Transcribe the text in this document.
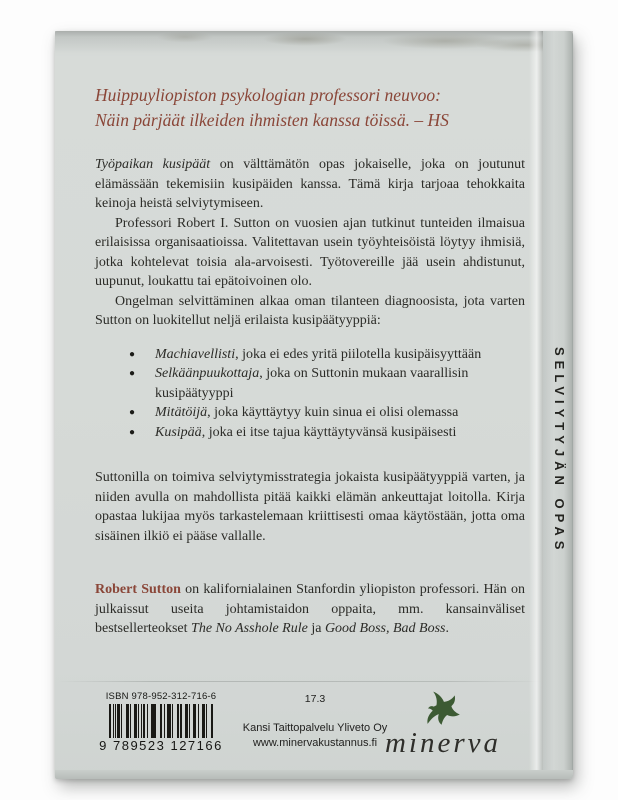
Huippuyliopiston psykologian professori neuvoo:
Näin pärjäät ilkeiden ihmisten kanssa töissä. – HS

Työpaikan kusipäät on välttämätön opas jokaiselle, joka on joutunut elämässään tekemisiin kusipäiden kanssa. Tämä kirja tarjoaa tehokkaita keinoja heistä selviytymiseen.

Professori Robert I. Sutton on vuosien ajan tutkinut tunteiden ilmaisua erilaisissa organisaatioissa. Valitettavan usein työyhteisöistä löytyy ihmisiä, jotka kohtelevat toisia ala-arvoisesti. Työtovereille jää usein ahdistunut, uupunut, loukattu tai epätoivoinen olo.

Ongelman selvittäminen alkaa oman tilanteen diagnoosista, jota varten Sutton on luokitellut neljä erilaista kusipäätyyppiä:

●	Machiavellisti, joka ei edes yritä piilotella kusipäisyyttään
●	Selkäänpuukottaja, joka on Suttonin mukaan vaarallisin kusipäätyyppi
●	Mitätöijä, joka käyttäytyy kuin sinua ei olisi olemassa
●	Kusipää, joka ei itse tajua käyttäytyvänsä kusipäisesti

Suttonilla on toimiva selviytymisstrategia jokaista kusipäätyyppiä varten, ja niiden avulla on mahdollista pitää kaikki elämän ankeuttajat loitolla. Kirja opastaa lukijaa myös tarkastelemaan kriittisesti omaa käytöstään, jotta oma sisäinen ilkiö ei pääse vallalle.

Robert Sutton on kalifornialainen Stanfordin yliopiston professori. Hän on julkaissut useita johtamistaidon oppaita, mm. kansainväliset bestsellerteokset The No Asshole Rule ja Good Boss, Bad Boss.

ISBN 978-952-312-716-6
9 789523 127166
17.3
Kansi Taittopalvelu Yliveto Oy
www.minervakustannus.fi minerva
SELVIYTYJÄN OPAS
